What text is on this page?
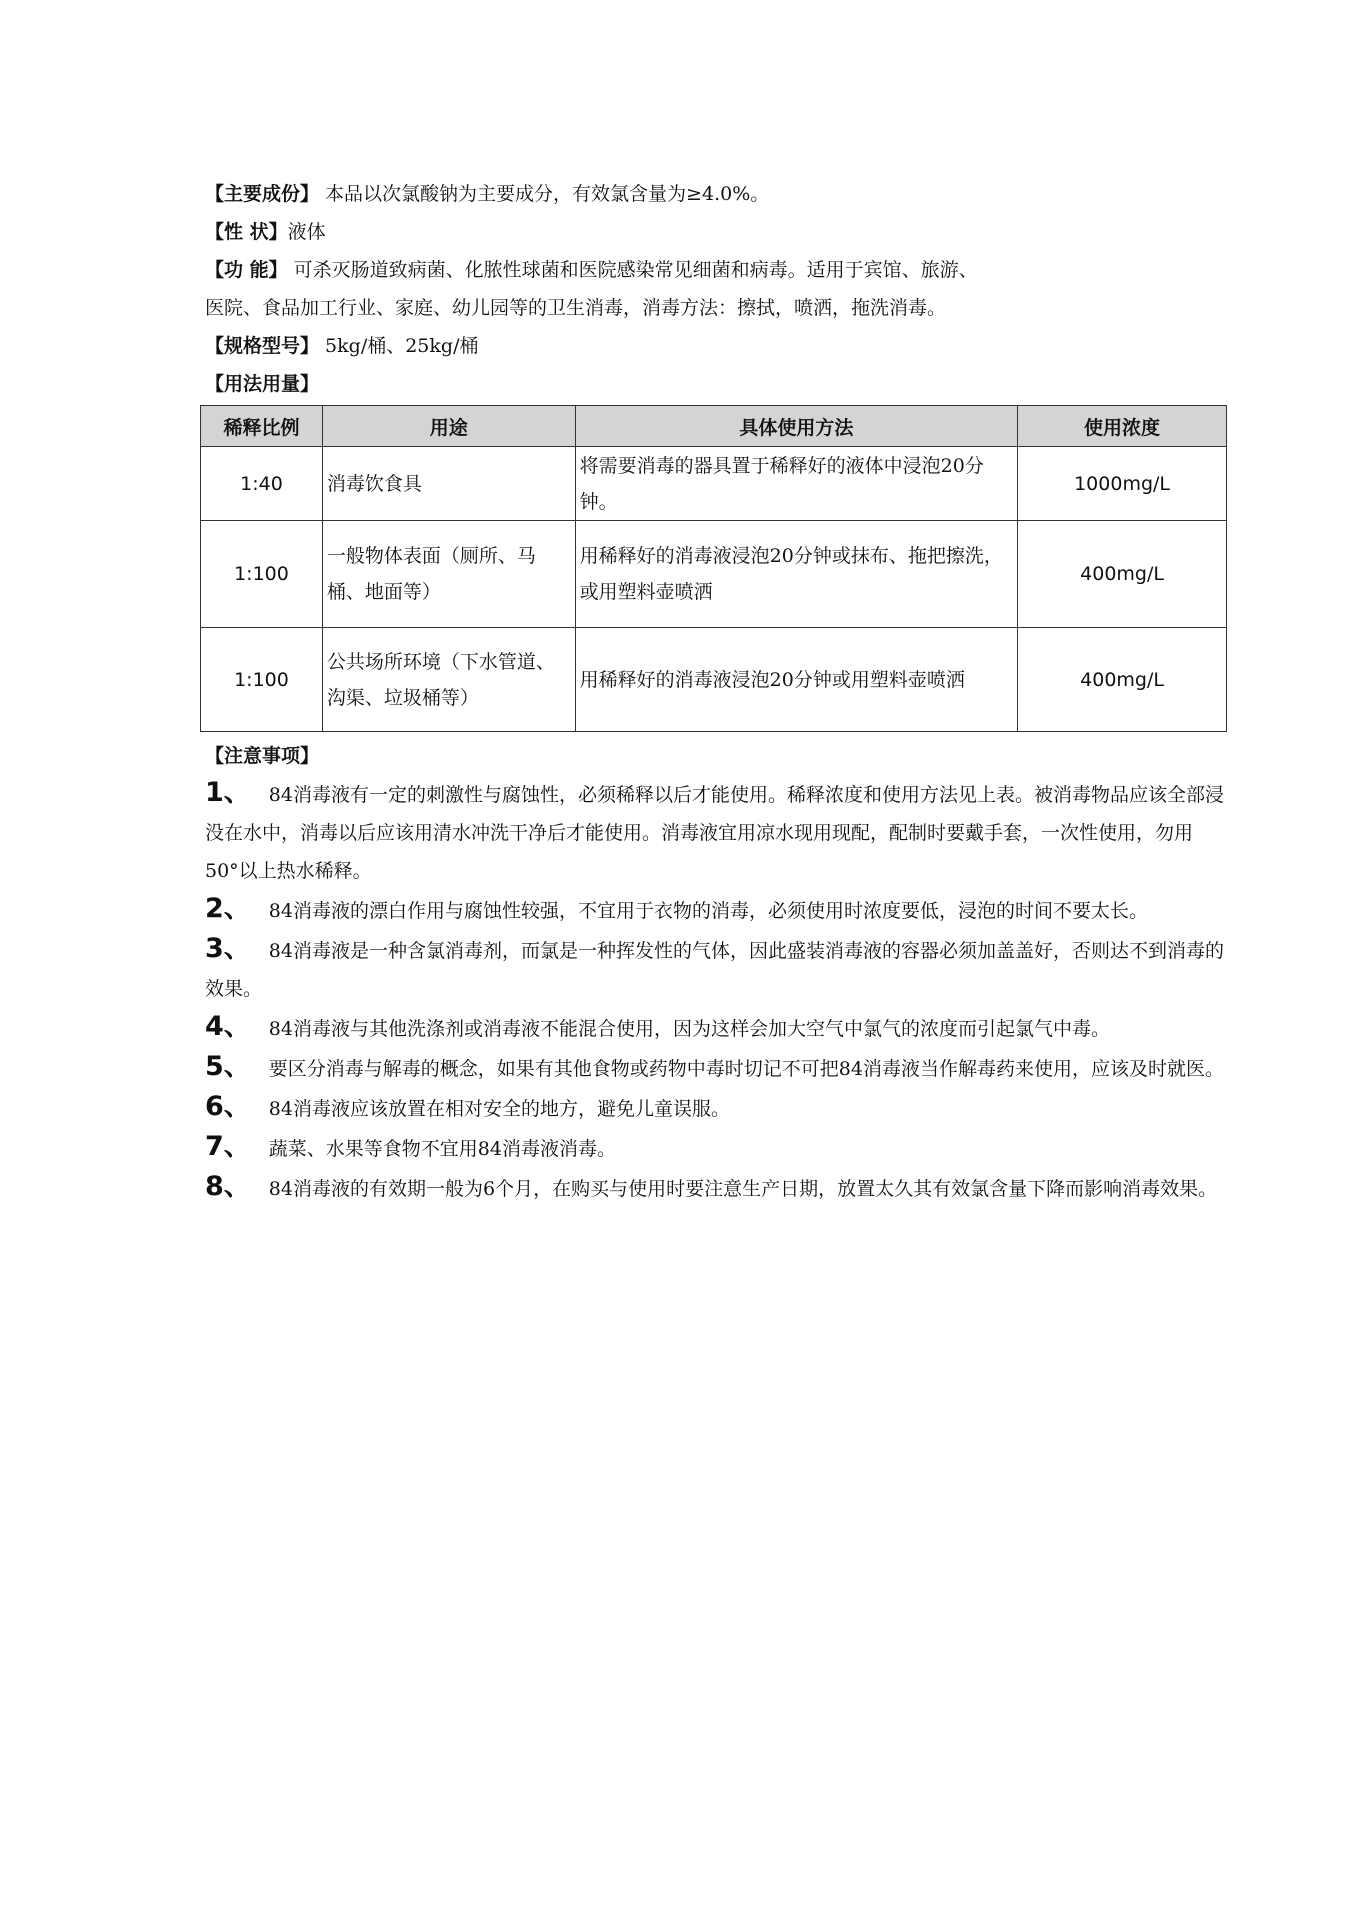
【主要成份】 本品以次氯酸钠为主要成分，有效氯含量为≥4.0%。
【性 状】液体
【功 能】 可杀灭肠道致病菌、化脓性球菌和医院感染常见细菌和病毒。适用于宾馆、旅游、
医院、食品加工行业、家庭、幼儿园等的卫生消毒，消毒方法：擦拭，喷洒，拖洗消毒。
【规格型号】 5kg/桶、25kg/桶
【用法用量】
稀释比例	用途	具体使用方法	使用浓度
1:40	消毒饮食具	将需要消毒的器具置于稀释好的液体中浸泡20分钟。	1000mg/L
1:100	一般物体表面（厕所、马桶、地面等）	用稀释好的消毒液浸泡20分钟或抹布、拖把擦洗，或用塑料壶喷洒	400mg/L
1:100	公共场所环境（下水管道、沟渠、垃圾桶等）	用稀释好的消毒液浸泡20分钟或用塑料壶喷洒	400mg/L
【注意事项】
1、 84消毒液有一定的刺激性与腐蚀性，必须稀释以后才能使用。稀释浓度和使用方法见上表。被消毒物品应该全部浸没在水中，消毒以后应该用清水冲洗干净后才能使用。消毒液宜用凉水现用现配，配制时要戴手套，一次性使用，勿用50°以上热水稀释。
2、 84消毒液的漂白作用与腐蚀性较强，不宜用于衣物的消毒，必须使用时浓度要低，浸泡的时间不要太长。
3、 84消毒液是一种含氯消毒剂，而氯是一种挥发性的气体，因此盛装消毒液的容器必须加盖盖好，否则达不到消毒的效果。
4、 84消毒液与其他洗涤剂或消毒液不能混合使用，因为这样会加大空气中氯气的浓度而引起氯气中毒。
5、 要区分消毒与解毒的概念，如果有其他食物或药物中毒时切记不可把84消毒液当作解毒药来使用，应该及时就医。
6、 84消毒液应该放置在相对安全的地方，避免儿童误服。
7、 蔬菜、水果等食物不宜用84消毒液消毒。
8、 84消毒液的有效期一般为6个月，在购买与使用时要注意生产日期，放置太久其有效氯含量下降而影响消毒效果。
